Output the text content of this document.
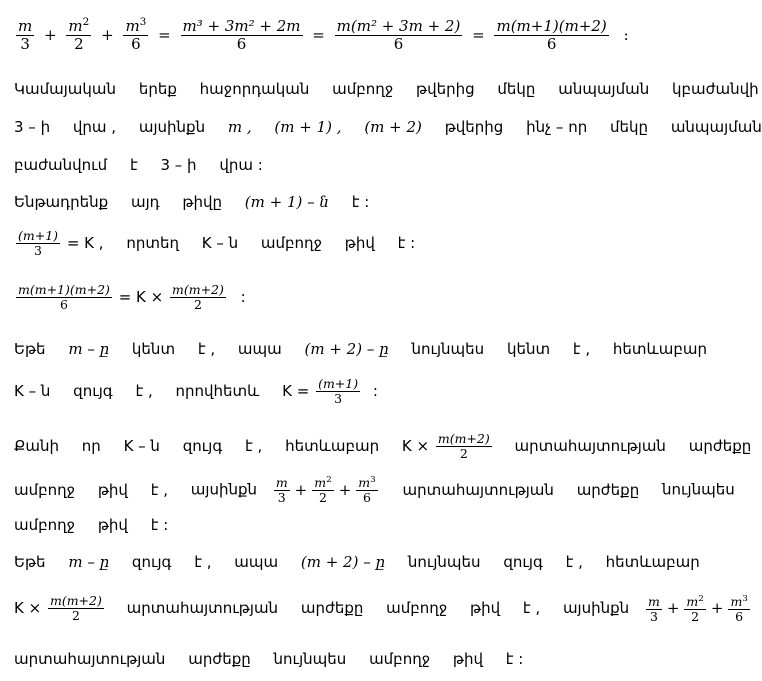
$\frac{m}{3} + \frac{m^2}{2} + \frac{m^3}{6} = \frac{\text{m³ + 3m² + 2m}}{6} = \frac{\text{m(m² + 3m + 2)}}{6} = \frac{m(m+1)(m+2)}{6}$ :
Կամայական երեք հաջորդական ամբողջ թվերից մեկը անպայման կբաժանվի
3 – ի վրա , այսինքն m , (m + 1) , (m + 2) թվերից ինչ – որ մեկը անպայման
բաժանվում է 3 – ի վրա :
Ենթադրենք այդ թիվը (m + 1) – ն է :
$\frac{(m+1)}{3} = K$ , որտեղ K – ն ամբողջ թիվ է :
$\frac{m(m+1)(m+2)}{6} = K \times \frac{m(m+2)}{2}$ :
Եթե m – ը կենտ է , ապա (m + 2) – ը նույնպես կենտ է , հետևաբար
K – ն զույգ է , որովհետև $K = \frac{(m+1)}{3}$ :
Քանի որ K – ն զույգ է , հետևաբար $K \times \frac{m(m+2)}{2}$ արտահայտության արժեքը
ամբողջ թիվ է , այսինքն $\frac{m}{3} + \frac{m^2}{2} + \frac{m^3}{6}$ արտահայտության արժեքը նույնպես
ամբողջ թիվ է :
Եթե m – ը զույգ է , ապա (m + 2) – ը նույնպես զույգ է , հետևաբար
$K \times \frac{m(m+2)}{2}$ արտահայտության արժեքը ամբողջ թիվ է , այսինքն $\frac{m}{3} + \frac{m^2}{2} + \frac{m^3}{6}$
արտահայտության արժեքը նույնպես ամբողջ թիվ է :
